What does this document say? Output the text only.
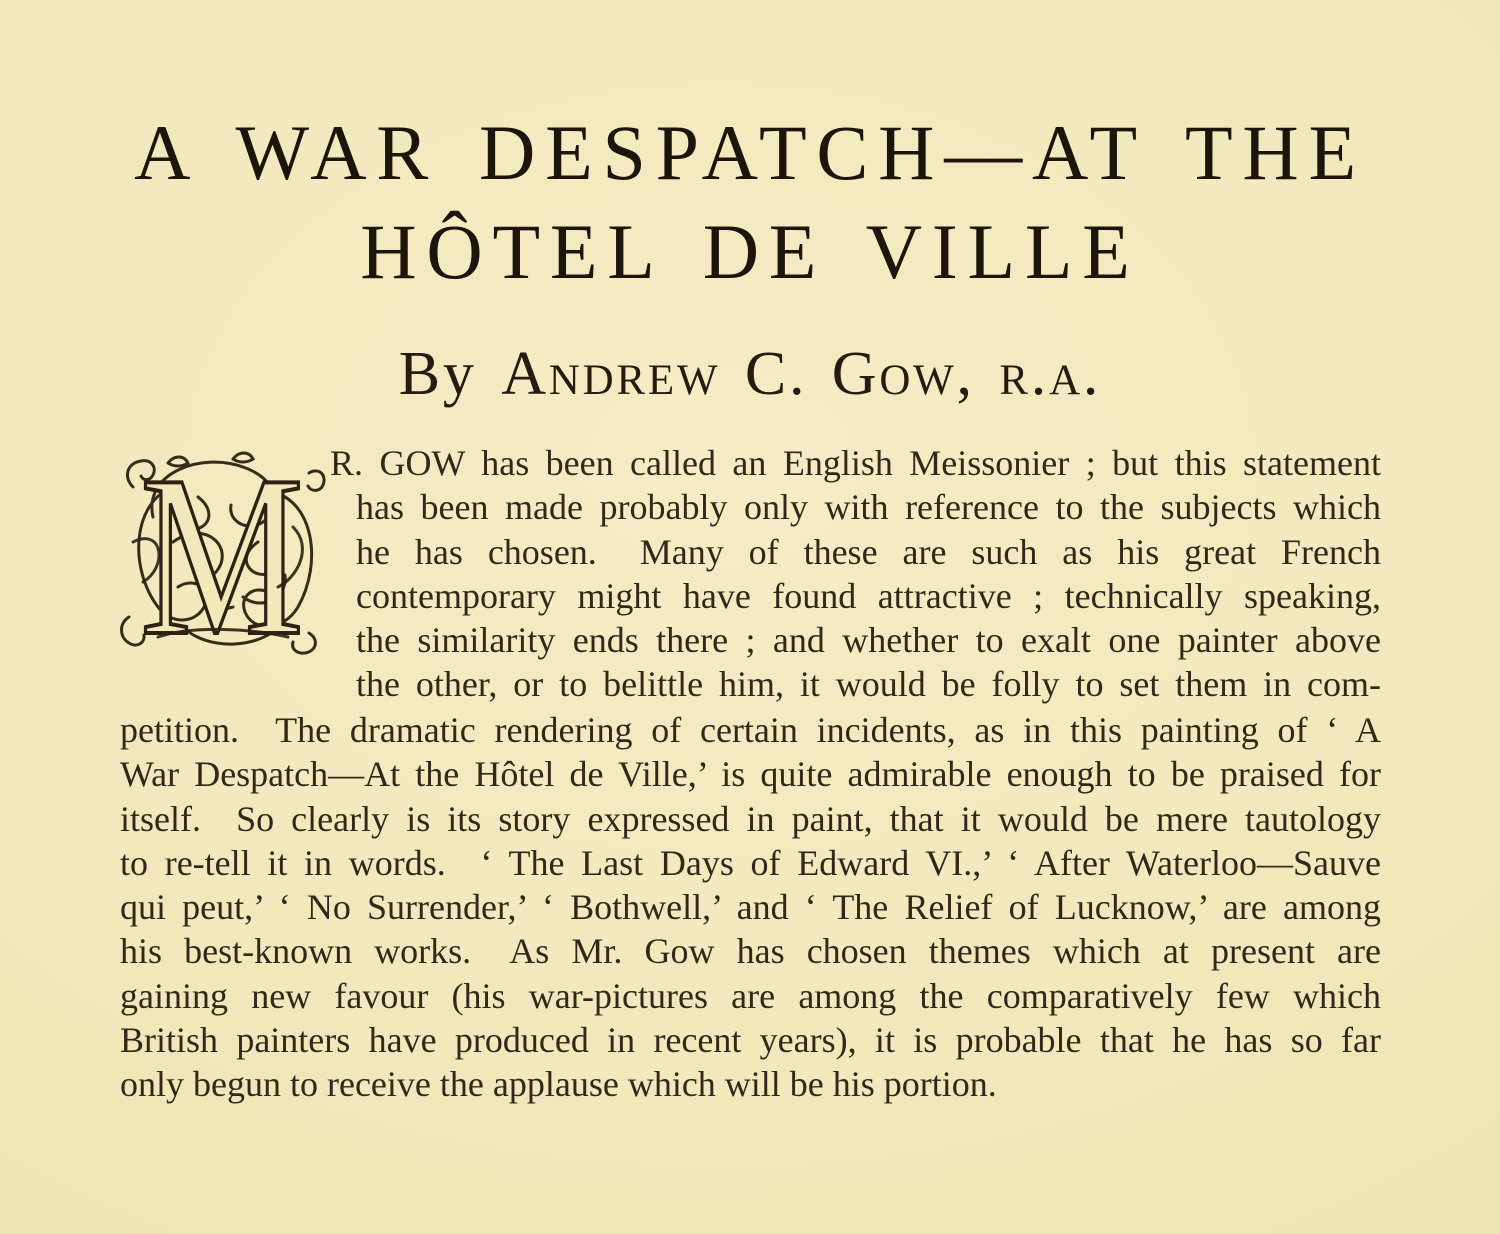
A WAR DESPATCH—AT THE
HÔTEL DE VILLE
By Andrew C. Gow, r.a.
M R. GOW has been called an English Meissonier ; but this statement
has been made probably only with reference to the subjects which
he has chosen.  Many of these are such as his great French
contemporary might have found attractive ; technically speaking,
the similarity ends there ; and whether to exalt one painter above
the other, or to belittle him, it would be folly to set them in com-
petition.  The dramatic rendering of certain incidents, as in this painting of ‘ A
War Despatch—At the Hôtel de Ville,’ is quite admirable enough to be praised for
itself.  So clearly is its story expressed in paint, that it would be mere tautology
to re-tell it in words.  ‘ The Last Days of Edward VI.,’ ‘ After Waterloo—Sauve
qui peut,’ ‘ No Surrender,’ ‘ Bothwell,’ and ‘ The Relief of Lucknow,’ are among
his best-known works.  As Mr. Gow has chosen themes which at present are
gaining new favour (his war-pictures are among the comparatively few which
British painters have produced in recent years), it is probable that he has so far
only begun to receive the applause which will be his portion.
